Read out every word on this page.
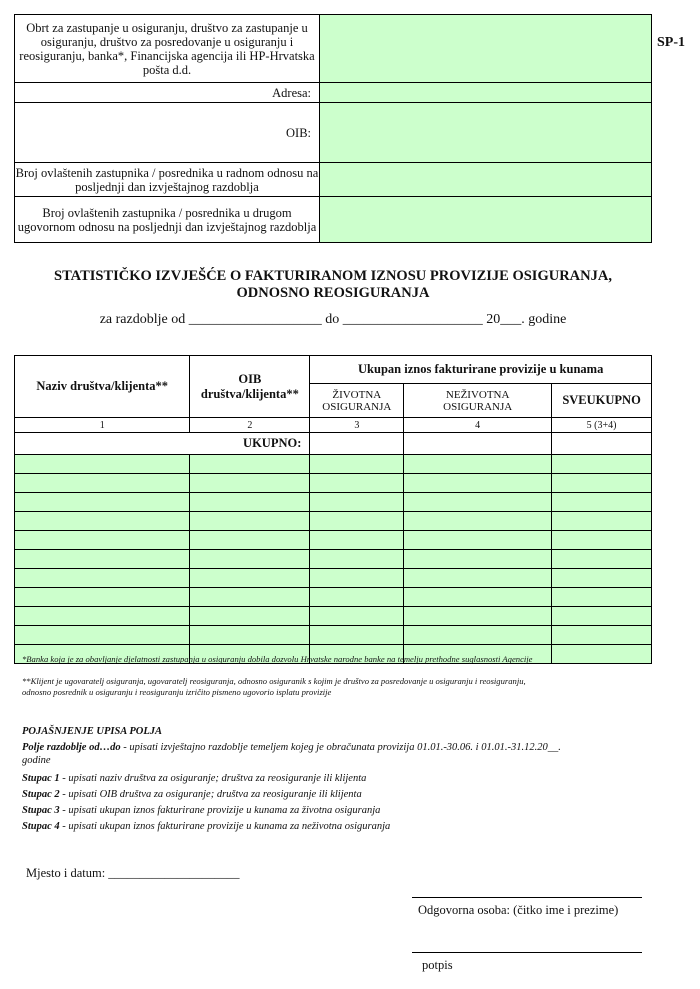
Obrt za zastupanje u osiguranju, društvo za zastupanje u osiguranju, društvo za posredovanje u osiguranju i reosiguranju, banka*, Financijska agencija ili HP-Hrvatska pošta d.d.	
Adresa:	
OIB:	
Broj ovlaštenih zastupnika / posrednika u radnom odnosu na posljednji dan izvještajnog razdoblja	
Broj ovlaštenih zastupnika / posrednika u drugom ugovornom odnosu na posljednji dan izvještajnog razdoblja	
SP-1
STATISTIČKO IZVJEŠĆE O FAKTURIRANOM IZNOSU PROVIZIJE OSIGURANJA,
ODNOSNO REOSIGURANJA
za razdoblje od ___________________ do ____________________ 20___. godine
Naziv društva/klijenta**	OIB društva/klijenta**	Ukupan iznos fakturirane provizije u kunama		
		ŽIVOTNA OSIGURANJA	NEŽIVOTNA OSIGURANJA	SVEUKUPNO
1	2	3	4	5 (3+4)
UKUPNO:				

*Banka koja je za obavljanje djelatnosti zastupanja u osiguranju dobila dozvolu Hrvatske narodne banke na temelju prethodne suglasnosti Agencije
**Klijent je ugovaratelj osiguranja, ugovaratelj reosiguranja, odnosno osiguranik s kojim je društvo za posredovanje u osiguranju i reosiguranju,
odnosno posrednik u osiguranju i reosiguranju izričito pismeno ugovorio isplatu provizije
POJAŠNJENJE UPISA POLJA
Polje razdoblje od…do - upisati izvještajno razdoblje temeljem kojeg je obračunata provizija 01.01.-30.06. i 01.01.-31.12.20__.
godine
Stupac 1 - upisati naziv društva za osiguranje; društva za reosiguranje ili klijenta
Stupac 2 - upisati OIB društva za osiguranje; društva za reosiguranje ili klijenta
Stupac 3 - upisati ukupan iznos fakturirane provizije u kunama za životna osiguranja
Stupac 4 - upisati ukupan iznos fakturirane provizije u kunama za neživotna osiguranja
Mjesto i datum: _____________________
Odgovorna osoba: (čitko ime i prezime)
potpis
